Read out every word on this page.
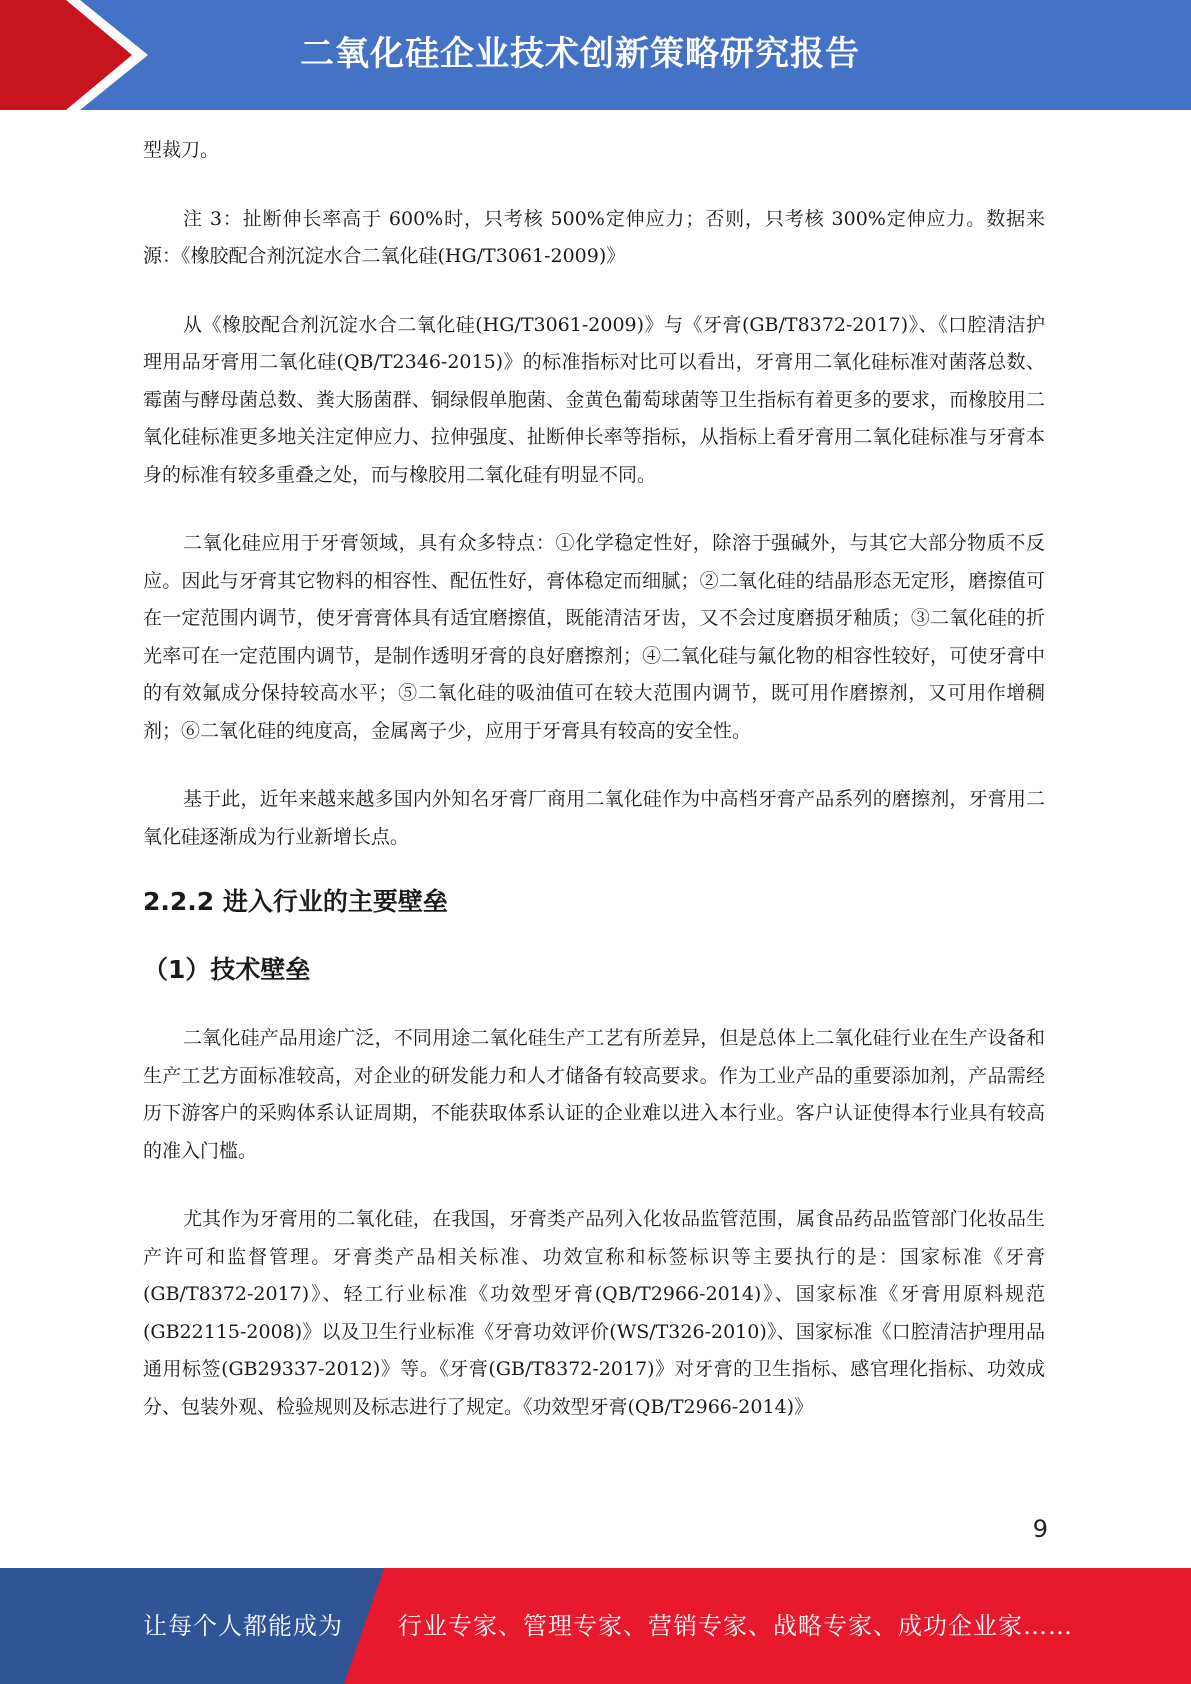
二氧化硅企业技术创新策略研究报告

型裁刀。

注 3：扯断伸长率高于 600%时，只考核 500%定伸应力；否则，只考核 300%定伸应力。数据来源：《橡胶配合剂沉淀水合二氧化硅(HG/T3061-2009)》

从《橡胶配合剂沉淀水合二氧化硅(HG/T3061-2009)》与《牙膏(GB/T8372-2017)》、《口腔清洁护理用品牙膏用二氧化硅(QB/T2346-2015)》的标准指标对比可以看出，牙膏用二氧化硅标准对菌落总数、霉菌与酵母菌总数、粪大肠菌群、铜绿假单胞菌、金黄色葡萄球菌等卫生指标有着更多的要求，而橡胶用二氧化硅标准更多地关注定伸应力、拉伸强度、扯断伸长率等指标，从指标上看牙膏用二氧化硅标准与牙膏本身的标准有较多重叠之处，而与橡胶用二氧化硅有明显不同。

二氧化硅应用于牙膏领域，具有众多特点：①化学稳定性好，除溶于强碱外，与其它大部分物质不反应。因此与牙膏其它物料的相容性、配伍性好，膏体稳定而细腻；②二氧化硅的结晶形态无定形，磨擦值可在一定范围内调节，使牙膏膏体具有适宜磨擦值，既能清洁牙齿，又不会过度磨损牙釉质；③二氧化硅的折光率可在一定范围内调节，是制作透明牙膏的良好磨擦剂；④二氧化硅与氟化物的相容性较好，可使牙膏中的有效氟成分保持较高水平；⑤二氧化硅的吸油值可在较大范围内调节，既可用作磨擦剂，又可用作增稠剂；⑥二氧化硅的纯度高，金属离子少，应用于牙膏具有较高的安全性。

基于此，近年来越来越多国内外知名牙膏厂商用二氧化硅作为中高档牙膏产品系列的磨擦剂，牙膏用二氧化硅逐渐成为行业新增长点。

2.2.2 进入行业的主要壁垒
（1）技术壁垒

二氧化硅产品用途广泛，不同用途二氧化硅生产工艺有所差异，但是总体上二氧化硅行业在生产设备和生产工艺方面标准较高，对企业的研发能力和人才储备有较高要求。作为工业产品的重要添加剂，产品需经历下游客户的采购体系认证周期，不能获取体系认证的企业难以进入本行业。客户认证使得本行业具有较高的准入门槛。

尤其作为牙膏用的二氧化硅，在我国，牙膏类产品列入化妆品监管范围，属食品药品监管部门化妆品生产许可和监督管理。牙膏类产品相关标准、功效宣称和标签标识等主要执行的是：国家标准《牙膏(GB/T8372-2017)》、轻工行业标准《功效型牙膏(QB/T2966-2014)》、国家标准《牙膏用原料规范(GB22115-2008)》以及卫生行业标准《牙膏功效评价(WS/T326-2010)》、国家标准《口腔清洁护理用品通用标签(GB29337-2012)》等。《牙膏(GB/T8372-2017)》对牙膏的卫生指标、感官理化指标、功效成分、包装外观、检验规则及标志进行了规定。《功效型牙膏(QB/T2966-2014)》

9
让每个人都能成为 行业专家、管理专家、营销专家、战略专家、成功企业家……
